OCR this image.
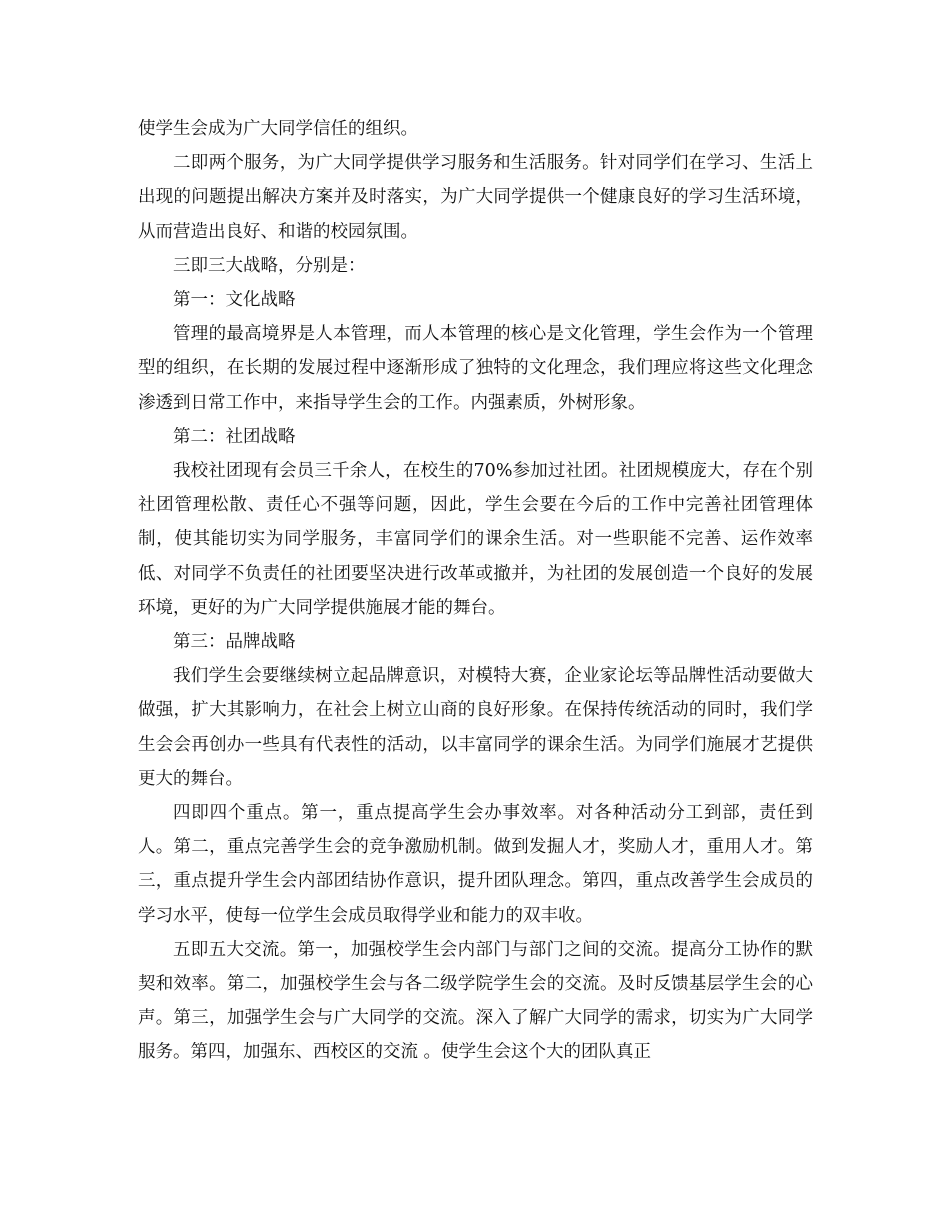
使学生会成为广大同学信任的组织。

二即两个服务，为广大同学提供学习服务和生活服务。针对同学们在学习、生活上出现的问题提出解决方案并及时落实，为广大同学提供一个健康良好的学习生活环境，从而营造出良好、和谐的校园氛围。

三即三大战略，分别是：

第一：文化战略

管理的最高境界是人本管理，而人本管理的核心是文化管理，学生会作为一个管理型的组织，在长期的发展过程中逐渐形成了独特的文化理念，我们理应将这些文化理念渗透到日常工作中，来指导学生会的工作。内强素质，外树形象。

第二：社团战略

我校社团现有会员三千余人，在校生的70%参加过社团。社团规模庞大，存在个别社团管理松散、责任心不强等问题，因此，学生会要在今后的工作中完善社团管理体制，使其能切实为同学服务，丰富同学们的课余生活。对一些职能不完善、运作效率低、对同学不负责任的社团要坚决进行改革或撤并，为社团的发展创造一个良好的发展环境，更好的为广大同学提供施展才能的舞台。

第三：品牌战略

我们学生会要继续树立起品牌意识，对模特大赛，企业家论坛等品牌性活动要做大做强，扩大其影响力，在社会上树立山商的良好形象。在保持传统活动的同时，我们学生会会再创办一些具有代表性的活动，以丰富同学的课余生活。为同学们施展才艺提供更大的舞台。

四即四个重点。第一，重点提高学生会办事效率。对各种活动分工到部，责任到人。第二，重点完善学生会的竞争激励机制。做到发掘人才，奖励人才，重用人才。第三，重点提升学生会内部团结协作意识，提升团队理念。第四，重点改善学生会成员的学习水平，使每一位学生会成员取得学业和能力的双丰收。

五即五大交流。第一，加强校学生会内部门与部门之间的交流。提高分工协作的默契和效率。第二，加强校学生会与各二级学院学生会的交流。及时反馈基层学生会的心声。第三，加强学生会与广大同学的交流。深入了解广大同学的需求，切实为广大同学服务。第四，加强东、西校区的交流 。使学生会这个大的团队真正
